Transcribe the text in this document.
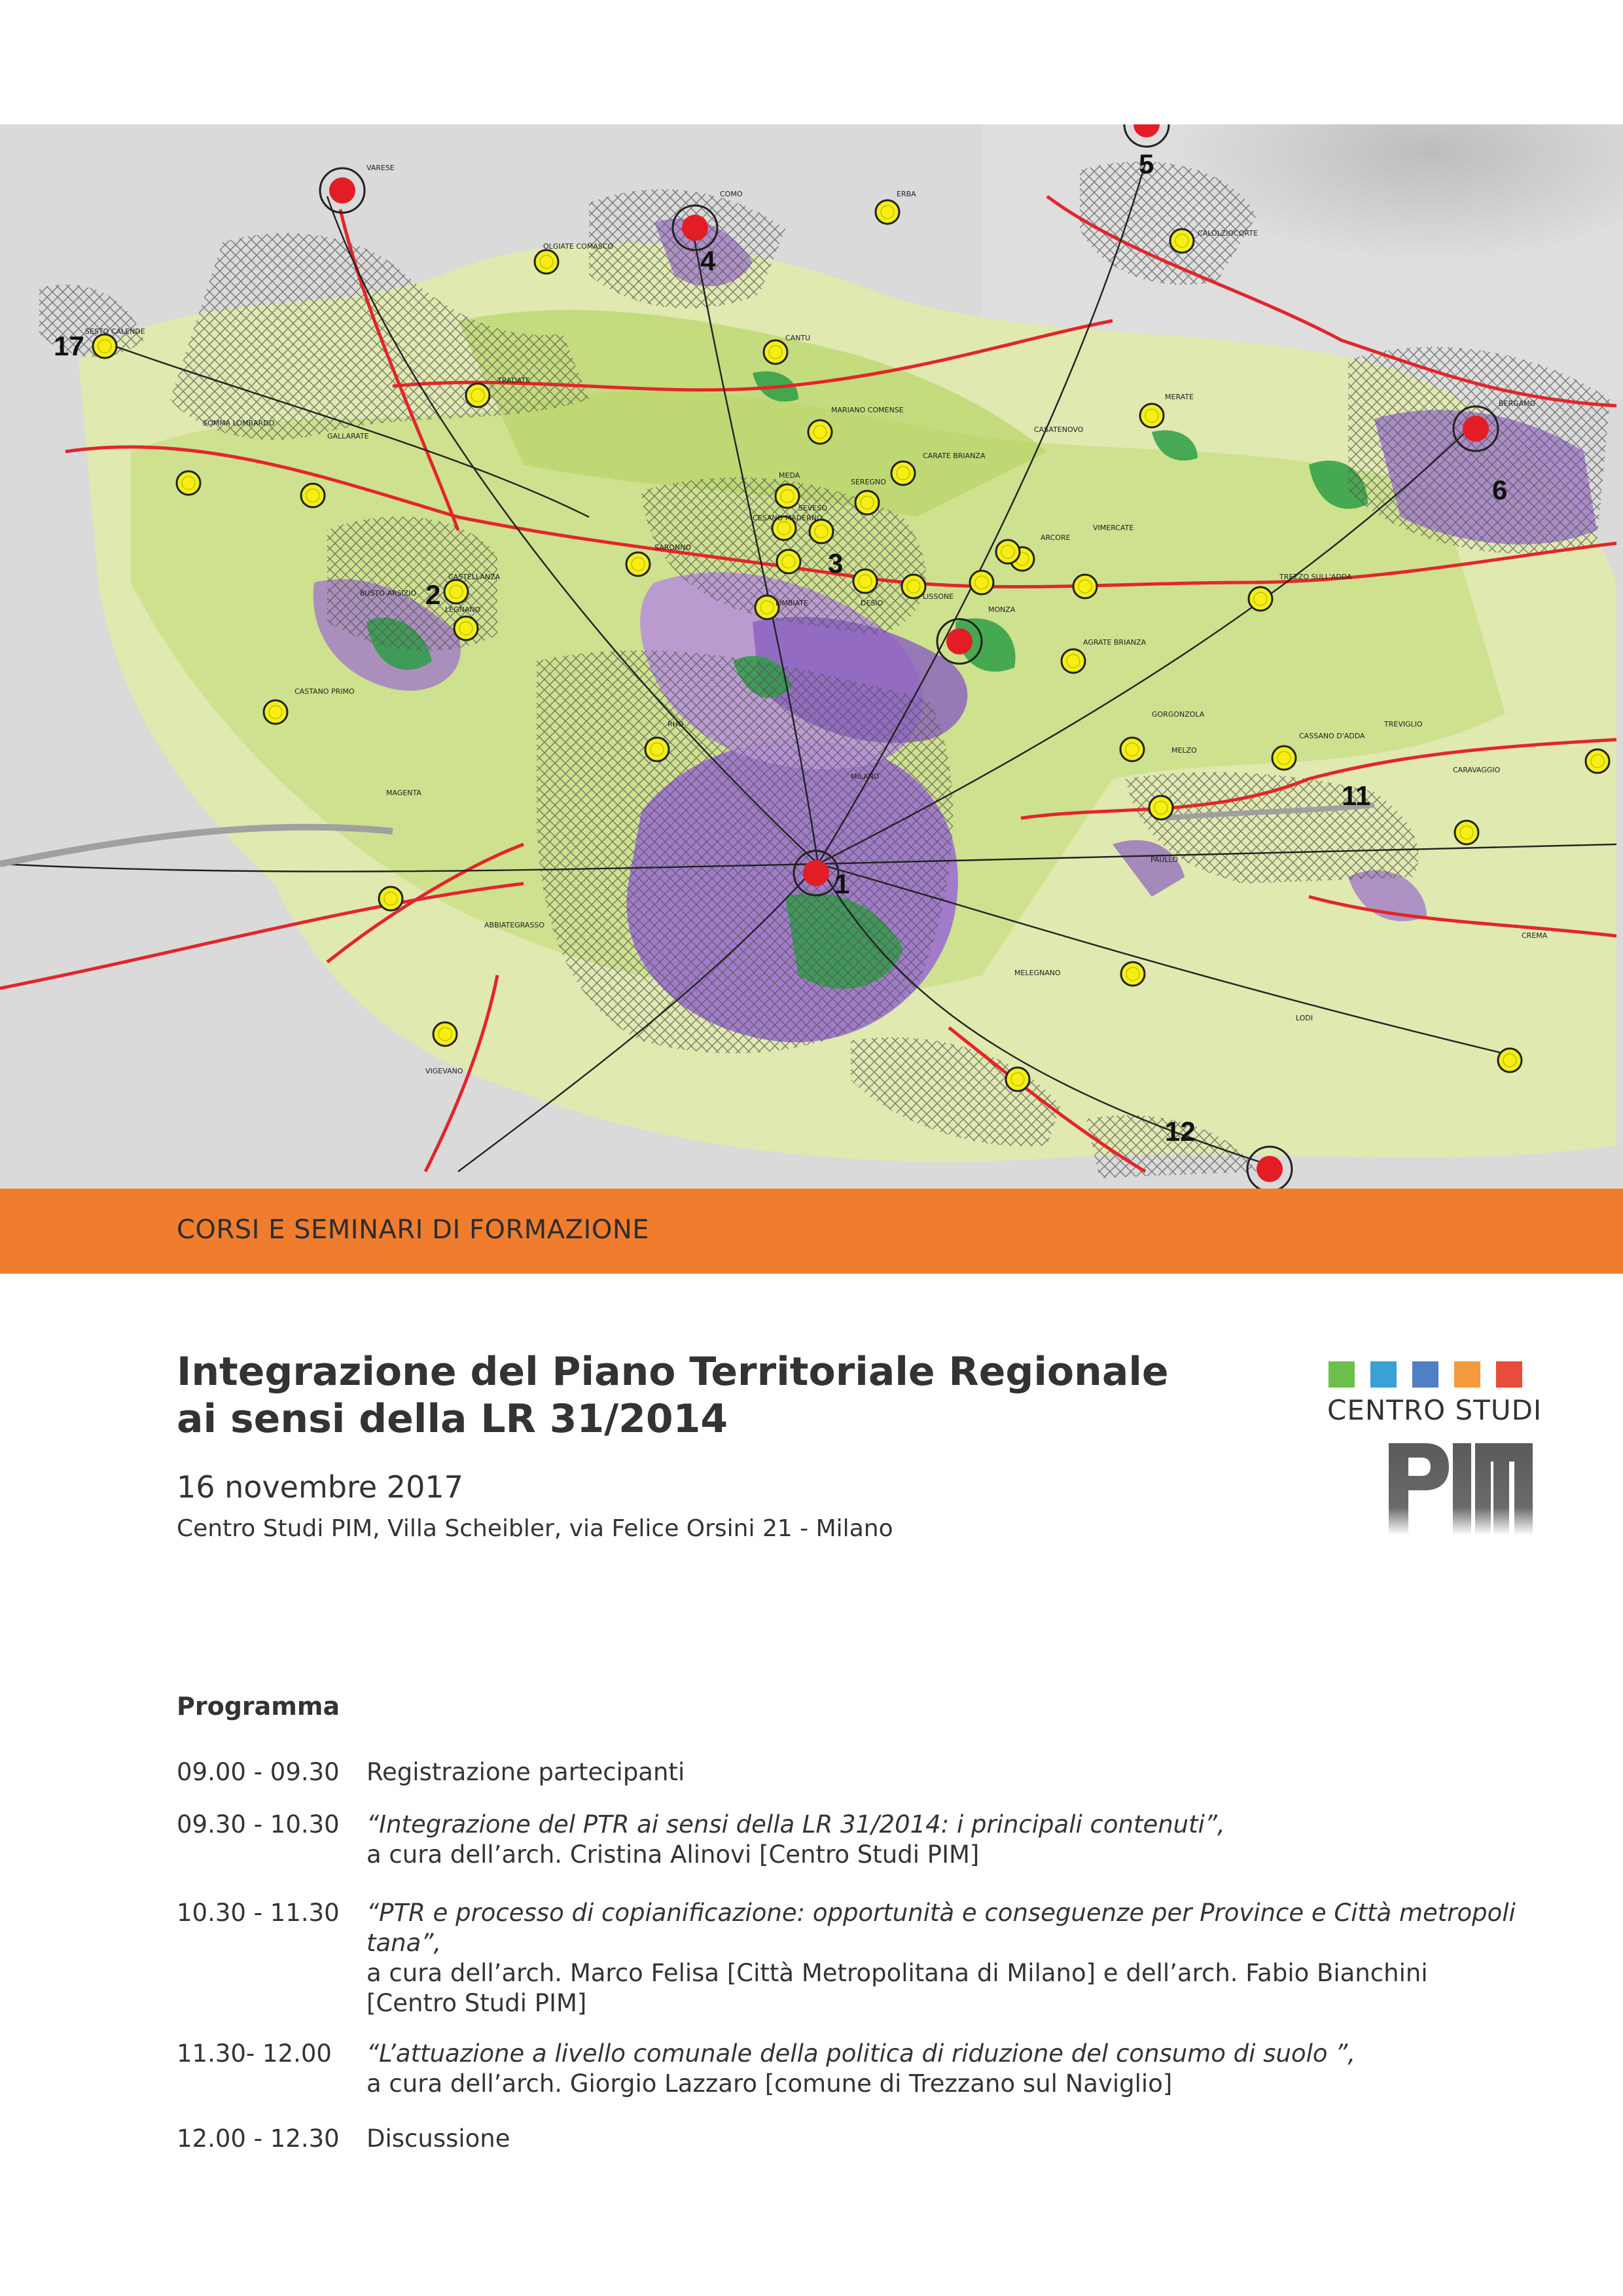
VARESE
COMO	ERBA
CALOLZIOCORTE
OLGIATE COMASCO
SESTO CALENDE
CANTU
TRADATE
MERATE
BERGAMO
MARIANO COMENSE
SOMMA LOMBARDO
GALLARATE
CASATENOVO
CARATE BRIANZA
MEDA
SEREGNO
SEVESO
CESANO MADERNO
SARONNO
ARCORE
VIMERCATE
BUSTO ARSIZIO
CASTELLANZA
LEGNANO
LIMBIATE	DESIO
LISSONE
MONZA
TREZZO SULL'ADDA
AGRATE BRIANZA
CASTANO PRIMO
RHO
GORGONZOLA
CASSANO D'ADDA
TREVIGLIO
MELZO
CARAVAGGIO
MILANO
MAGENTA
PAULLO
ABBIATEGRASSO
CREMA
MELEGNANO
LODI
VIGEVANO
17
4
5
6
2
3
1
11
12
CORSI E SEMINARI DI FORMAZIONE
Integrazione del Piano Territoriale Regionale
ai sensi della LR 31/2014
16 novembre 2017
Centro Studi PIM, Villa Scheibler, via Felice Orsini 21 - Milano
CENTRO STUDI
Programma
09.00 - 09.30	Registrazione partecipanti
09.30 - 10.30	“Integrazione del PTR ai sensi della LR 31/2014: i principali contenuti”,
a cura dell’arch. Cristina Alinovi [Centro Studi PIM]
10.30 - 11.30	“PTR e processo di copianificazione: opportunità e conseguenze per Province e Città metropoli
tana”,
a cura dell’arch. Marco Felisa [Città Metropolitana di Milano] e dell’arch. Fabio Bianchini
[Centro Studi PIM]
11.30- 12.00	“L’attuazione a livello comunale della politica di riduzione del consumo di suolo ”,
a cura dell’arch. Giorgio Lazzaro [comune di Trezzano sul Naviglio]
12.00 - 12.30	Discussione
